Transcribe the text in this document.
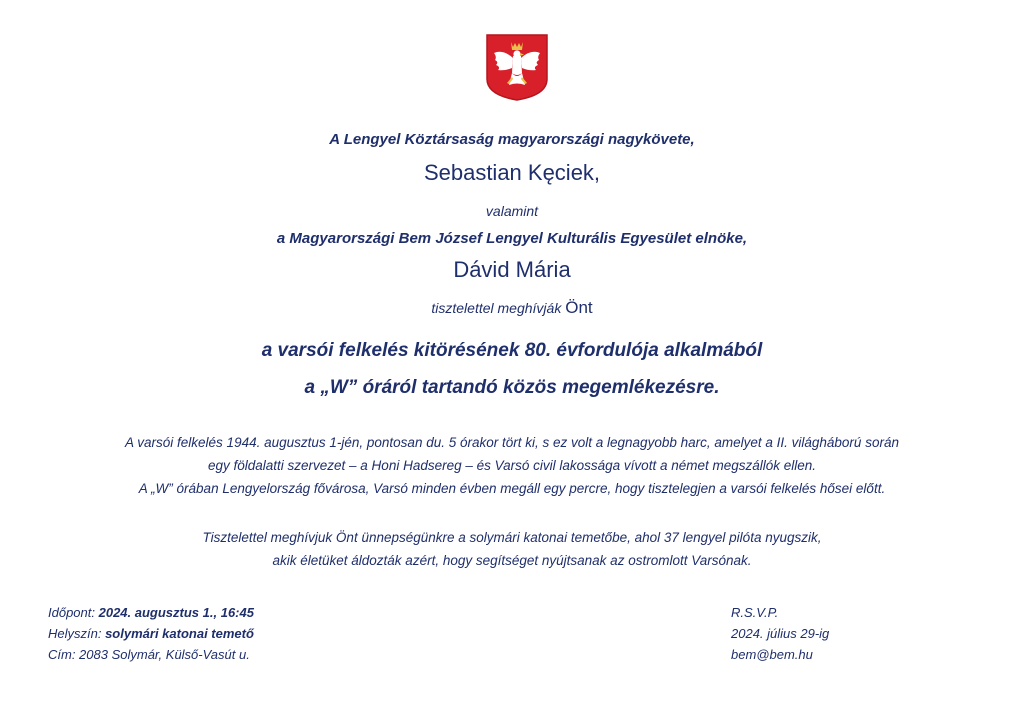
A Lengyel Köztársaság magyarországi nagykövete,
Sebastian Kęciek,
valamint
a Magyarországi Bem József Lengyel Kulturális Egyesület elnöke,
Dávid Mária
tisztelettel meghívják Önt
a varsói felkelés kitörésének 80. évfordulója alkalmából
a „W” óráról tartandó közös megemlékezésre.
A varsói felkelés 1944. augusztus 1-jén, pontosan du. 5 órakor tört ki, s ez volt a legnagyobb harc, amelyet a II. világháború során
egy földalatti szervezet – a Honi Hadsereg – és Varsó civil lakossága vívott a német megszállók ellen.
A „W” órában Lengyelország fővárosa, Varsó minden évben megáll egy percre, hogy tisztelegjen a varsói felkelés hősei előtt.
Tisztelettel meghívjuk Önt ünnepségünkre a solymári katonai temetőbe, ahol 37 lengyel pilóta nyugszik,
akik életüket áldozták azért, hogy segítséget nyújtsanak az ostromlott Varsónak.
Időpont: 2024. augusztus 1., 16:45
Helyszín: solymári katonai temető
Cím: 2083 Solymár, Külső-Vasút u.
R.S.V.P.
2024. július 29-ig
bem@bem.hu
